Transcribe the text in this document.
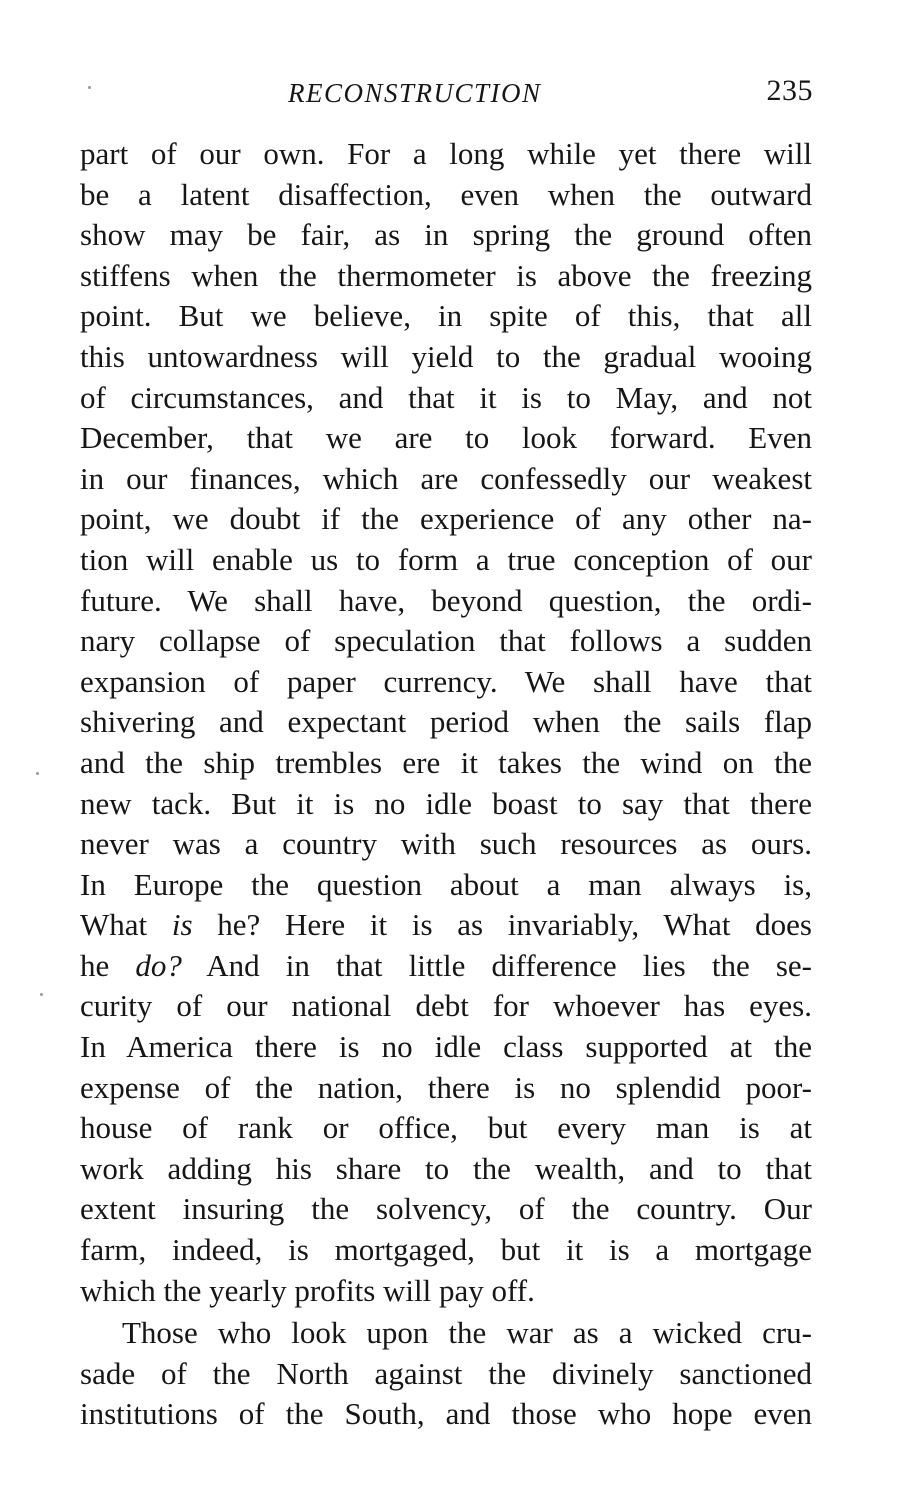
RECONSTRUCTION	235
part of our own. For a long while yet there will
be a latent disaffection, even when the outward
show may be fair, as in spring the ground often
stiffens when the thermometer is above the freezing
point. But we believe, in spite of this, that all
this untowardness will yield to the gradual wooing
of circumstances, and that it is to May, and not
December, that we are to look forward. Even
in our finances, which are confessedly our weakest
point, we doubt if the experience of any other na-
tion will enable us to form a true conception of our
future. We shall have, beyond question, the ordi-
nary collapse of speculation that follows a sudden
expansion of paper currency. We shall have that
shivering and expectant period when the sails flap
and the ship trembles ere it takes the wind on the
new tack. But it is no idle boast to say that there
never was a country with such resources as ours.
In Europe the question about a man always is,
What is he? Here it is as invariably, What does
he do? And in that little difference lies the se-
curity of our national debt for whoever has eyes.
In America there is no idle class supported at the
expense of the nation, there is no splendid poor-
house of rank or office, but every man is at
work adding his share to the wealth, and to that
extent insuring the solvency, of the country. Our
farm, indeed, is mortgaged, but it is a mortgage
which the yearly profits will pay off.
Those who look upon the war as a wicked cru-
sade of the North against the divinely sanctioned
institutions of the South, and those who hope even
